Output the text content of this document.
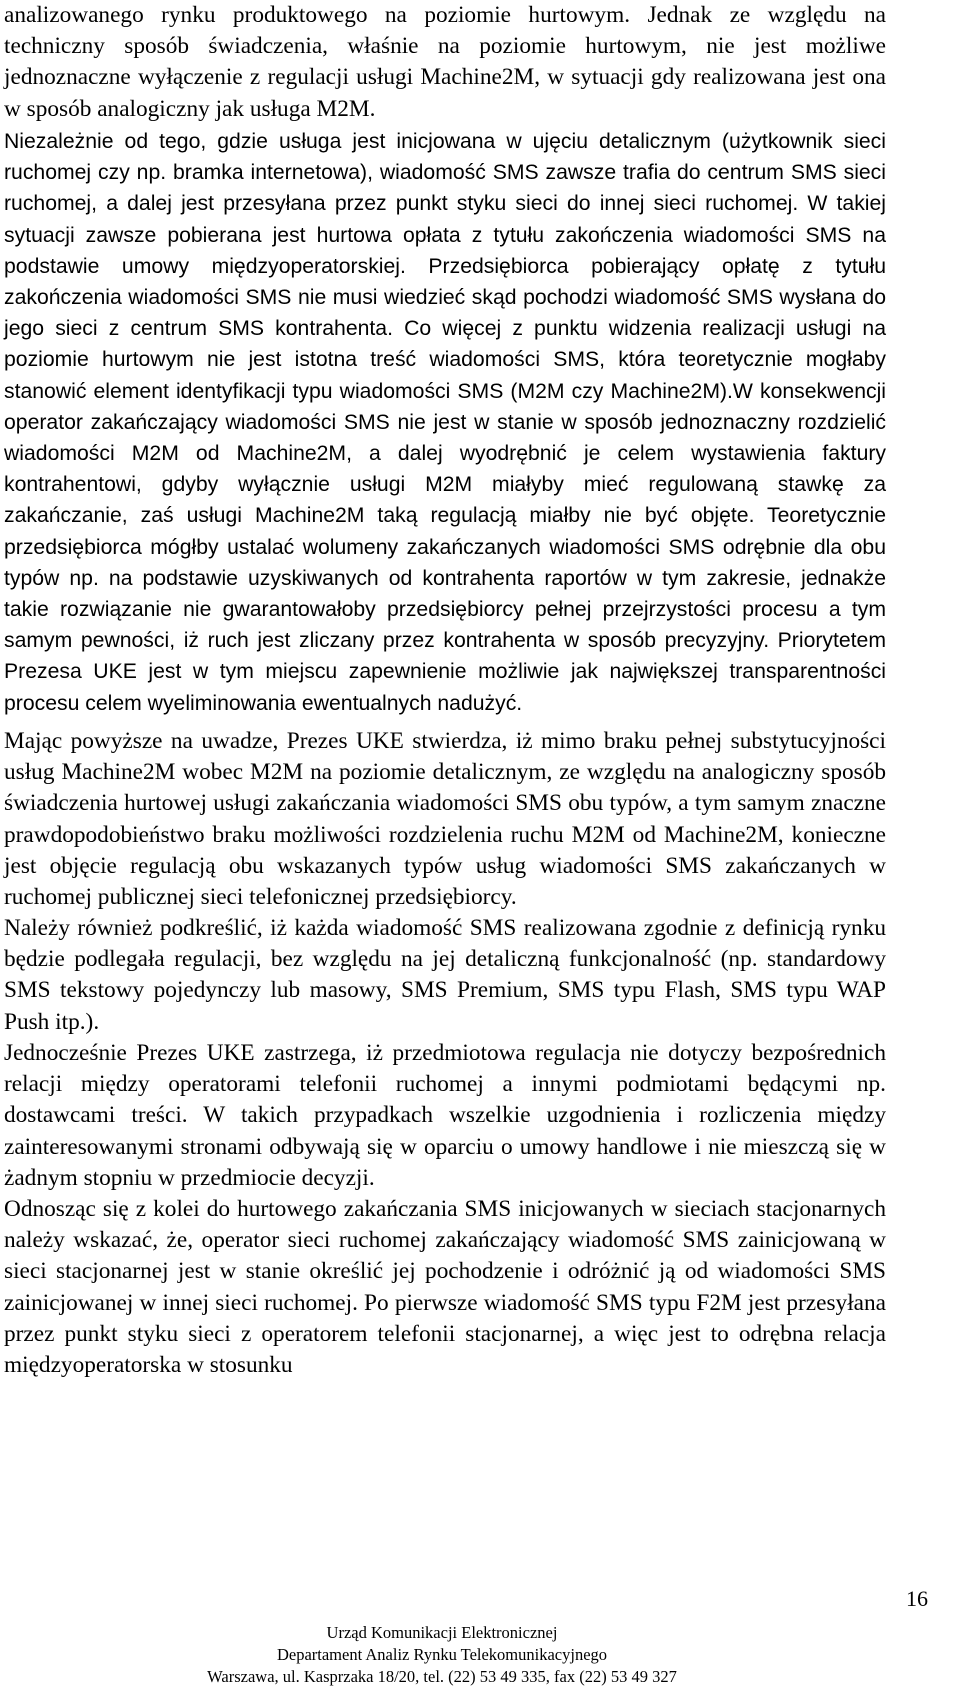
analizowanego rynku produktowego na poziomie hurtowym. Jednak ze względu na techniczny sposób świadczenia, właśnie na poziomie hurtowym, nie jest możliwe jednoznaczne wyłączenie z regulacji usługi Machine2M, w sytuacji gdy realizowana jest ona w sposób analogiczny jak usługa M2M.

Niezależnie od tego, gdzie usługa jest inicjowana w ujęciu detalicznym (użytkownik sieci ruchomej czy np. bramka internetowa), wiadomość SMS zawsze trafia do centrum SMS sieci ruchomej, a dalej jest przesyłana przez punkt styku sieci do innej sieci ruchomej. W takiej sytuacji zawsze pobierana jest hurtowa opłata z tytułu zakończenia wiadomości SMS na podstawie umowy międzyoperatorskiej. Przedsiębiorca pobierający opłatę z tytułu zakończenia wiadomości SMS nie musi wiedzieć skąd pochodzi wiadomość SMS wysłana do jego sieci z centrum SMS kontrahenta. Co więcej z punktu widzenia realizacji usługi na poziomie hurtowym nie jest istotna treść wiadomości SMS, która teoretycznie mogłaby stanowić element identyfikacji typu wiadomości SMS (M2M czy Machine2M).W konsekwencji operator zakańczający wiadomości SMS nie jest w stanie w sposób jednoznaczny rozdzielić wiadomości M2M od Machine2M, a dalej wyodrębnić je celem wystawienia faktury kontrahentowi, gdyby wyłącznie usługi M2M miałyby mieć regulowaną stawkę za zakańczanie, zaś usługi Machine2M taką regulacją miałby nie być objęte. Teoretycznie przedsiębiorca mógłby ustalać wolumeny zakańczanych wiadomości SMS odrębnie dla obu typów np. na podstawie uzyskiwanych od kontrahenta raportów w tym zakresie, jednakże takie rozwiązanie nie gwarantowałoby przedsiębiorcy pełnej przejrzystości procesu a tym samym pewności, iż ruch jest zliczany przez kontrahenta w sposób precyzyjny. Priorytetem Prezesa UKE jest w tym miejscu zapewnienie możliwie jak największej transparentności procesu celem wyeliminowania ewentualnych nadużyć.

Mając powyższe na uwadze, Prezes UKE stwierdza, iż mimo braku pełnej substytucyjności usług Machine2M wobec M2M na poziomie detalicznym, ze względu na analogiczny sposób świadczenia hurtowej usługi zakańczania wiadomości SMS obu typów, a tym samym znaczne prawdopodobieństwo braku możliwości rozdzielenia ruchu M2M od Machine2M, konieczne jest objęcie regulacją obu wskazanych typów usług wiadomości SMS zakańczanych w ruchomej publicznej sieci telefonicznej przedsiębiorcy.

Należy również podkreślić, iż każda wiadomość SMS realizowana zgodnie z definicją rynku będzie podlegała regulacji, bez względu na jej detaliczną funkcjonalność (np. standardowy SMS tekstowy pojedynczy lub masowy, SMS Premium, SMS typu Flash, SMS typu WAP Push itp.).

Jednocześnie Prezes UKE zastrzega, iż przedmiotowa regulacja nie dotyczy bezpośrednich relacji między operatorami telefonii ruchomej a innymi podmiotami będącymi np. dostawcami treści. W takich przypadkach wszelkie uzgodnienia i rozliczenia między zainteresowanymi stronami odbywają się w oparciu o umowy handlowe i nie mieszczą się w żadnym stopniu w przedmiocie decyzji.

Odnosząc się z kolei do hurtowego zakańczania SMS inicjowanych w sieciach stacjonarnych należy wskazać, że, operator sieci ruchomej zakańczający wiadomość SMS zainicjowaną w sieci stacjonarnej jest w stanie określić jej pochodzenie i odróżnić ją od wiadomości SMS zainicjowanej w innej sieci ruchomej. Po pierwsze wiadomość SMS typu F2M jest przesyłana przez punkt styku sieci z operatorem telefonii stacjonarnej, a więc jest to odrębna relacja międzyoperatorska w stosunku

16
Urząd Komunikacji Elektronicznej
Departament Analiz Rynku Telekomunikacyjnego
Warszawa, ul. Kasprzaka 18/20, tel. (22) 53 49 335, fax (22) 53 49 327
